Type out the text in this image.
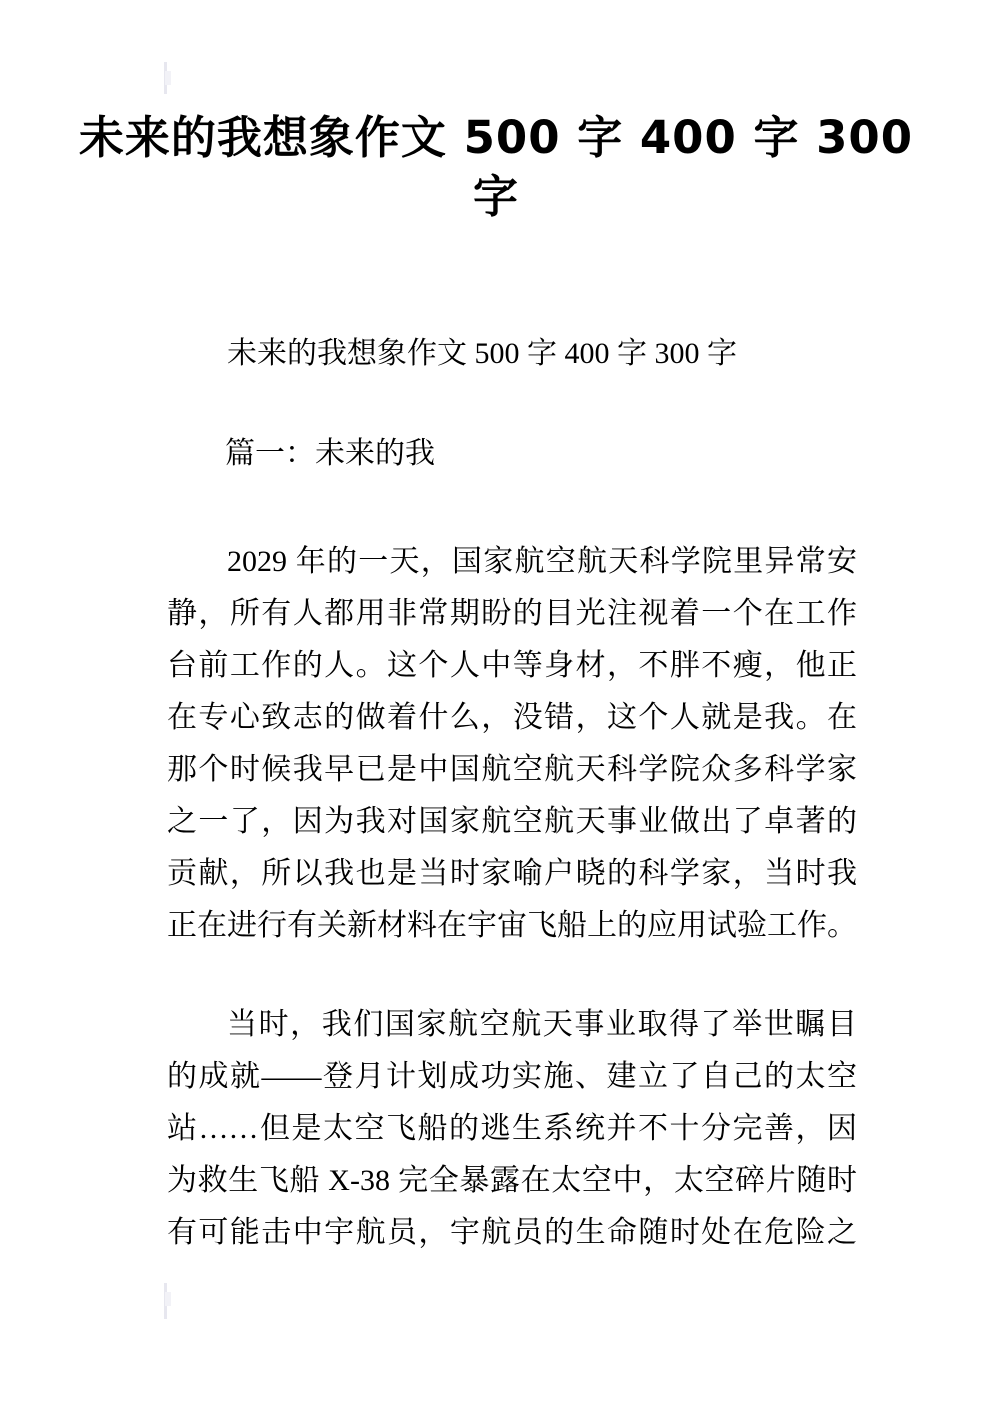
未来的我想象作文 500 字 400 字 300
字
未来的我想象作文 500 字 400 字 300 字
篇一：未来的我
2029 年的一天，国家航空航天科学院里异常安
静，所有人都用非常期盼的目光注视着一个在工作
台前工作的人。这个人中等身材，不胖不瘦，他正
在专心致志的做着什么，没错，这个人就是我。在
那个时候我早已是中国航空航天科学院众多科学家
之一了，因为我对国家航空航天事业做出了卓著的
贡献，所以我也是当时家喻户晓的科学家，当时我
正在进行有关新材料在宇宙飞船上的应用试验工作。
当时，我们国家航空航天事业取得了举世瞩目
的成就——登月计划成功实施、建立了自己的太空
站……但是太空飞船的逃生系统并不十分完善，因
为救生飞船 X-38 完全暴露在太空中，太空碎片随时
有可能击中宇航员，宇航员的生命随时处在危险之
